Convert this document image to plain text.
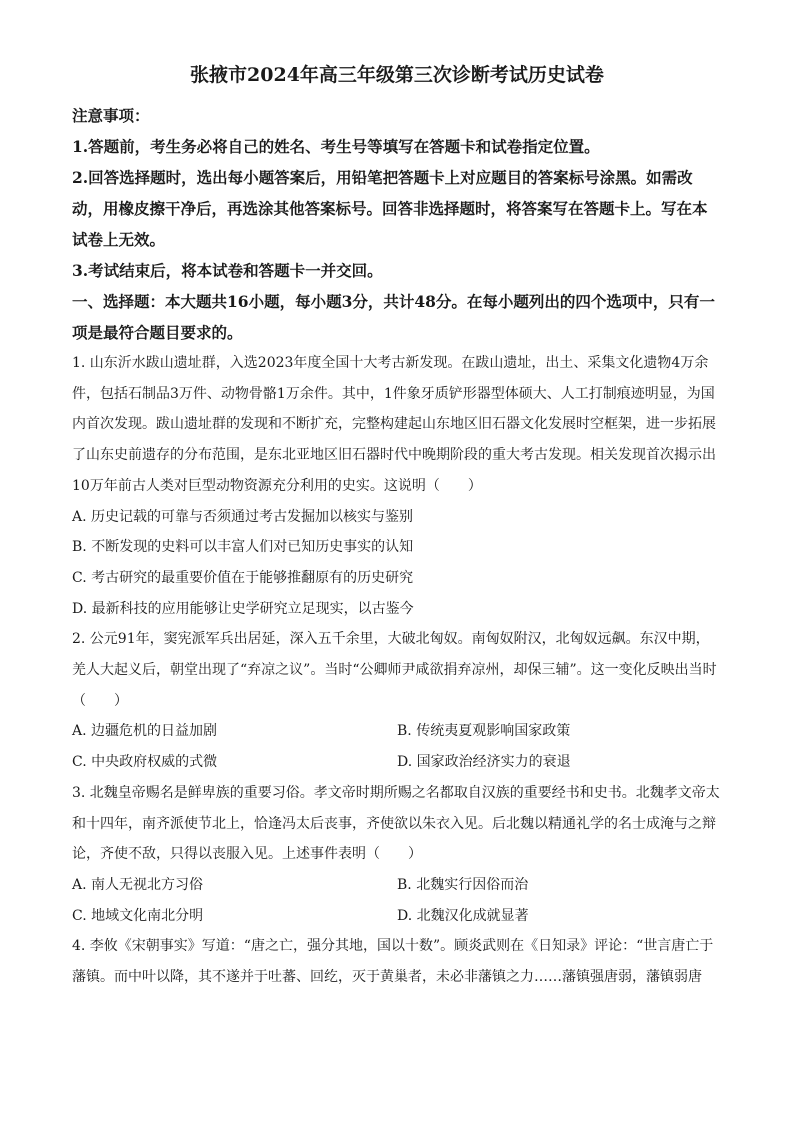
张掖市2024年高三年级第三次诊断考试历史试卷
注意事项：
1.答题前，考生务必将自己的姓名、考生号等填写在答题卡和试卷指定位置。
2.回答选择题时，选出每小题答案后，用铅笔把答题卡上对应题目的答案标号涂黑。如需改动，用橡皮擦干净后，再选涂其他答案标号。回答非选择题时，将答案写在答题卡上。写在本试卷上无效。
3.考试结束后，将本试卷和答题卡一并交回。
一、选择题：本大题共16小题，每小题3分，共计48分。在每小题列出的四个选项中，只有一项是最符合题目要求的。
1. 山东沂水跋山遗址群，入选2023年度全国十大考古新发现。在跋山遗址，出土、采集文化遗物4万余件，包括石制品3万件、动物骨骼1万余件。其中，1件象牙质铲形器型体硕大、人工打制痕迹明显，为国内首次发现。跋山遗址群的发现和不断扩充，完整构建起山东地区旧石器文化发展时空框架，进一步拓展了山东史前遗存的分布范围，是东北亚地区旧石器时代中晚期阶段的重大考古发现。相关发现首次揭示出10万年前古人类对巨型动物资源充分利用的史实。这说明（　　）
A. 历史记载的可靠与否须通过考古发掘加以核实与鉴别
B. 不断发现的史料可以丰富人们对已知历史事实的认知
C. 考古研究的最重要价值在于能够推翻原有的历史研究
D. 最新科技的应用能够让史学研究立足现实，以古鉴今
2. 公元91年，窦宪派军兵出居延，深入五千余里，大破北匈奴。南匈奴附汉，北匈奴远飙。东汉中期，羌人大起义后，朝堂出现了“弃凉之议”。当时“公卿师尹咸欲捐弃凉州，却保三辅”。这一变化反映出当时（　　）
A. 边疆危机的日益加剧	B. 传统夷夏观影响国家政策
C. 中央政府权威的式微	D. 国家政治经济实力的衰退
3. 北魏皇帝赐名是鲜卑族的重要习俗。孝文帝时期所赐之名都取自汉族的重要经书和史书。北魏孝文帝太和十四年，南齐派使节北上，恰逢冯太后丧事，齐使欲以朱衣入见。后北魏以精通礼学的名士成淹与之辩论，齐使不敌，只得以丧服入见。上述事件表明（　　）
A. 南人无视北方习俗	B. 北魏实行因俗而治
C. 地域文化南北分明	D. 北魏汉化成就显著
4. 李攸《宋朝事实》写道：“唐之亡，强分其地，国以十数”。顾炎武则在《日知录》评论：“世言唐亡于藩镇。而中叶以降，其不遂并于吐蕃、回纥，灭于黄巢者，未必非藩镇之力……藩镇强唐弱，藩镇弱唐
